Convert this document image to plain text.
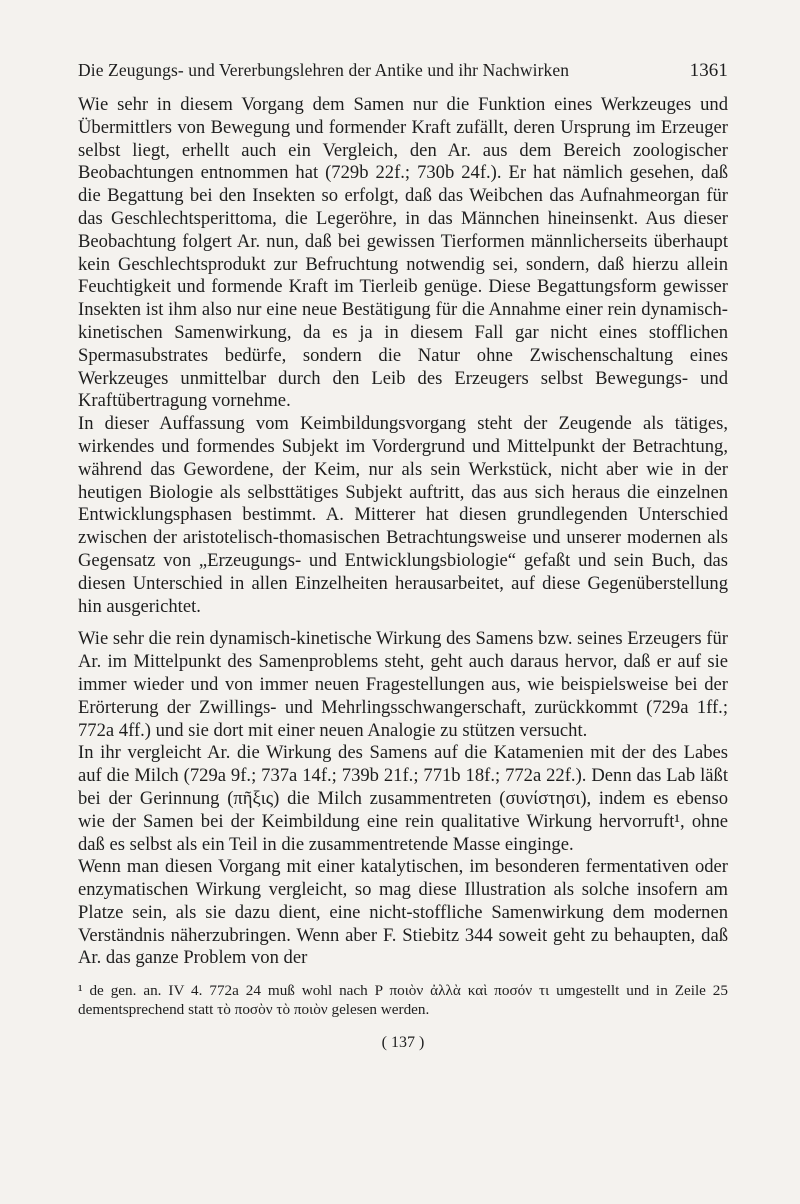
Die Zeugungs- und Vererbungslehren der Antike und ihr Nachwirken	1361

Wie sehr in diesem Vorgang dem Samen nur die Funktion eines Werkzeuges und Übermittlers von Bewegung und formender Kraft zufällt, deren Ursprung im Erzeuger selbst liegt, erhellt auch ein Vergleich, den Ar. aus dem Bereich zoologischer Beobachtungen entnommen hat (729b 22f.; 730b 24f.). Er hat nämlich gesehen, daß die Begattung bei den Insekten so erfolgt, daß das Weibchen das Aufnahmeorgan für das Geschlechtsperittoma, die Legeröhre, in das Männchen hineinsenkt. Aus dieser Beobachtung folgert Ar. nun, daß bei gewissen Tierformen männlicherseits überhaupt kein Geschlechtsprodukt zur Befruchtung notwendig sei, sondern, daß hierzu allein Feuchtigkeit und formende Kraft im Tierleib genüge. Diese Begattungsform gewisser Insekten ist ihm also nur eine neue Bestätigung für die Annahme einer rein dynamisch-kinetischen Samenwirkung, da es ja in diesem Fall gar nicht eines stofflichen Spermasubstrates bedürfe, sondern die Natur ohne Zwischenschaltung eines Werkzeuges unmittelbar durch den Leib des Erzeugers selbst Bewegungs- und Kraftübertragung vornehme.

In dieser Auffassung vom Keimbildungsvorgang steht der Zeugende als tätiges, wirkendes und formendes Subjekt im Vordergrund und Mittelpunkt der Betrachtung, während das Gewordene, der Keim, nur als sein Werkstück, nicht aber wie in der heutigen Biologie als selbsttätiges Subjekt auftritt, das aus sich heraus die einzelnen Entwicklungsphasen bestimmt. A. Mitterer hat diesen grundlegenden Unterschied zwischen der aristotelisch-thomasischen Betrachtungsweise und unserer modernen als Gegensatz von „Erzeugungs- und Entwicklungsbiologie“ gefaßt und sein Buch, das diesen Unterschied in allen Einzelheiten herausarbeitet, auf diese Gegenüberstellung hin ausgerichtet.

Wie sehr die rein dynamisch-kinetische Wirkung des Samens bzw. seines Erzeugers für Ar. im Mittelpunkt des Samenproblems steht, geht auch daraus hervor, daß er auf sie immer wieder und von immer neuen Fragestellungen aus, wie beispielsweise bei der Erörterung der Zwillings- und Mehrlingsschwangerschaft, zurückkommt (729a 1ff.; 772a 4ff.) und sie dort mit einer neuen Analogie zu stützen versucht.

In ihr vergleicht Ar. die Wirkung des Samens auf die Katamenien mit der des Labes auf die Milch (729a 9f.; 737a 14f.; 739b 21f.; 771b 18f.; 772a 22f.). Denn das Lab läßt bei der Gerinnung (πῆξις) die Milch zusammentreten (συνίστησι), indem es ebenso wie der Samen bei der Keimbildung eine rein qualitative Wirkung hervorruft¹, ohne daß es selbst als ein Teil in die zusammentretende Masse einginge.

Wenn man diesen Vorgang mit einer katalytischen, im besonderen fermentativen oder enzymatischen Wirkung vergleicht, so mag diese Illustration als solche insofern am Platze sein, als sie dazu dient, eine nicht-stoffliche Samenwirkung dem modernen Verständnis näherzubringen. Wenn aber F. Stiebitz 344 soweit geht zu behaupten, daß Ar. das ganze Problem von der

¹ de gen. an. IV 4. 772a 24 muß wohl nach P ποιὸν ἀλλὰ καὶ ποσόν τι umgestellt und in Zeile 25 dementsprechend statt τὸ ποσὸν τὸ ποιὸν gelesen werden.

( 137 )
